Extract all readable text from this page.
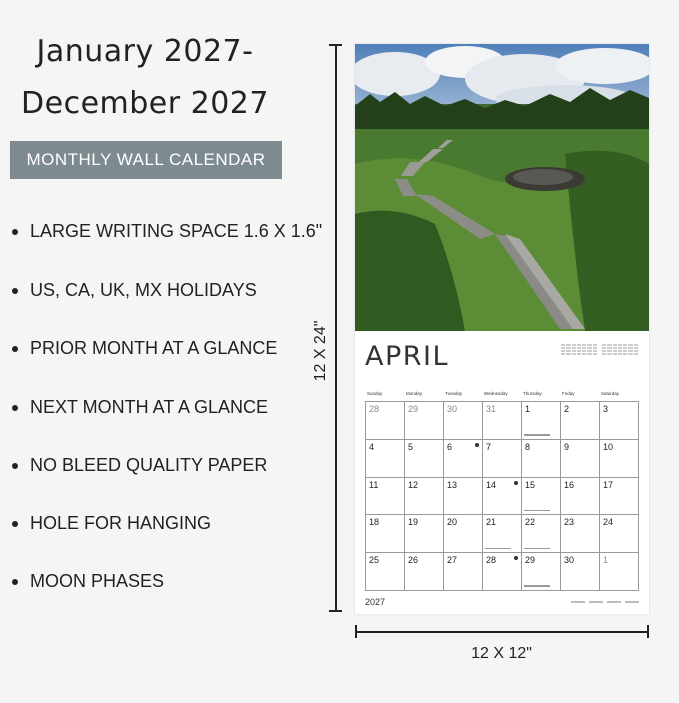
January 2027-
December 2027
MONTHLY WALL CALENDAR
LARGE WRITING SPACE 1.6 X 1.6"
US, CA, UK, MX HOLIDAYS
PRIOR MONTH AT A GLANCE
NEXT MONTH AT A GLANCE
NO BLEED QUALITY PAPER
HOLE FOR HANGING
MOON PHASES
12 X 24"
12 X 12"
APRIL
Sunday	Monday	Tuesday	Wednesday	Thursday	Friday	Saturday
28	29	30	31	1	2	3
4	5	6	7	8	9	10
11	12	13	14	15	16	17
18	19	20	21	22	23	24
25	26	27	28	29	30	1
2027
